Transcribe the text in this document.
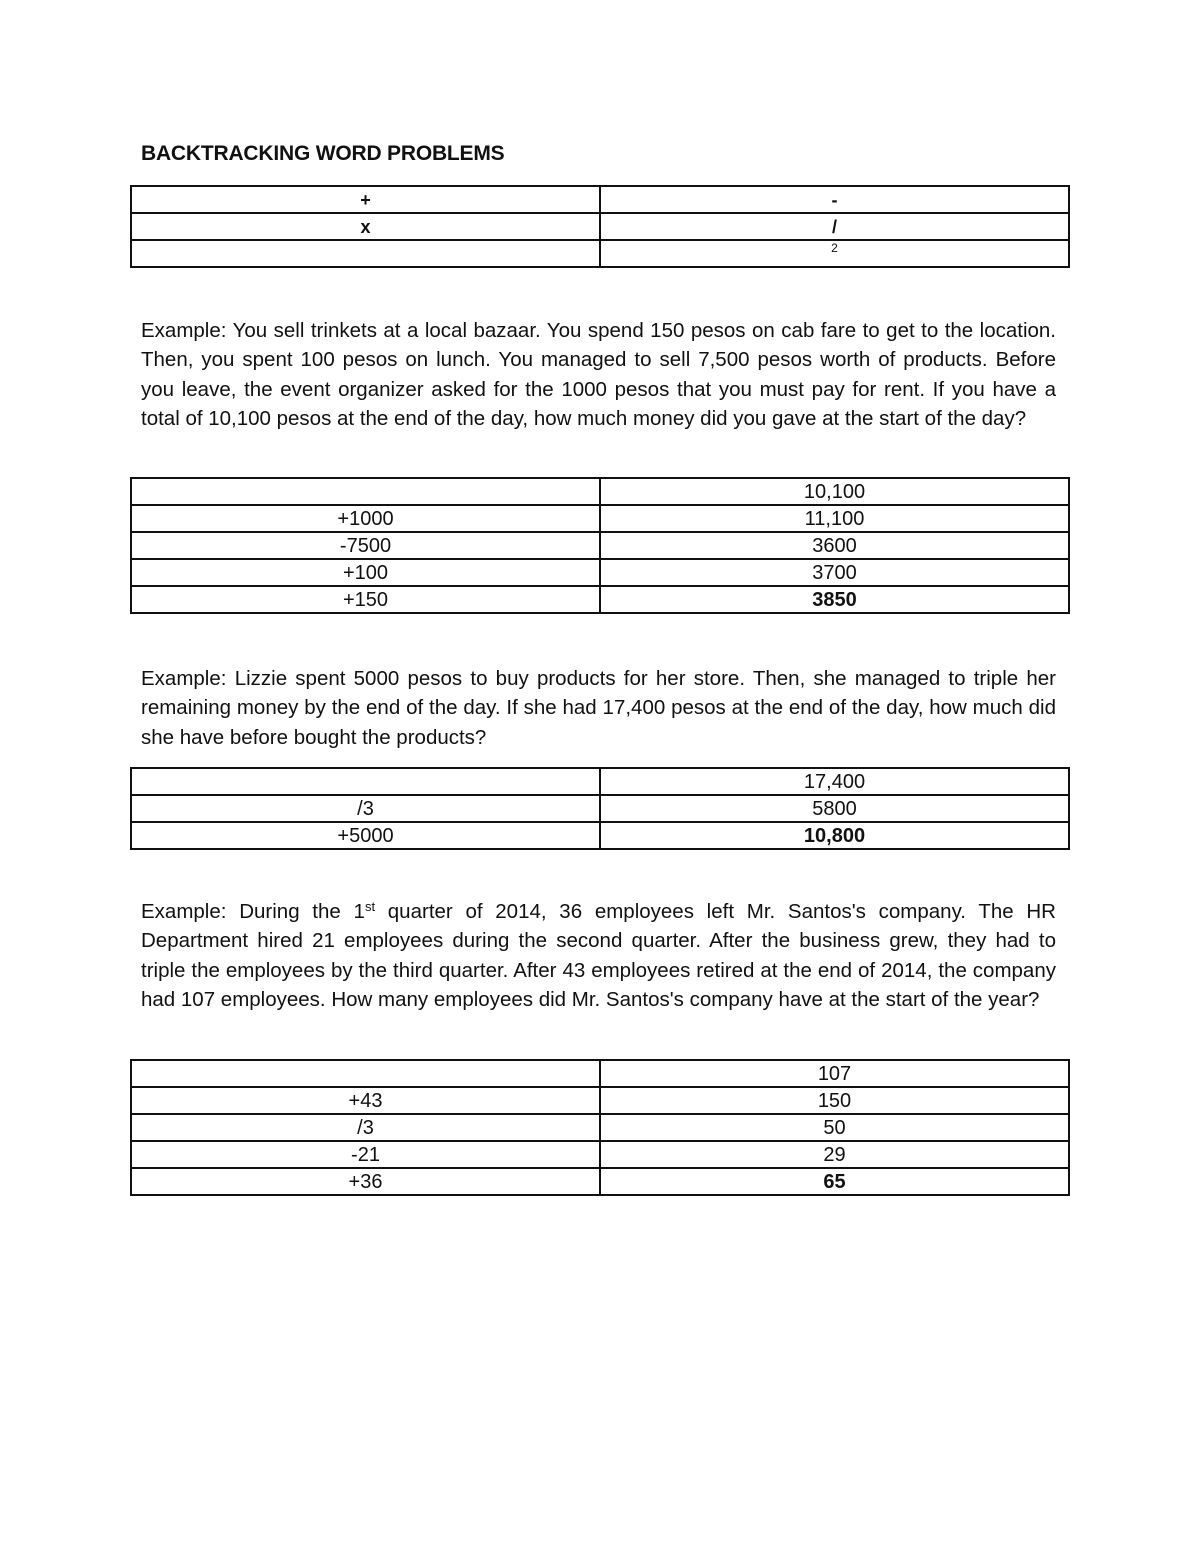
BACKTRACKING WORD PROBLEMS
+	-
x	/
	2

Example: You sell trinkets at a local bazaar. You spend 150 pesos on cab fare to get to the location. Then, you spent 100 pesos on lunch. You managed to sell 7,500 pesos worth of products. Before you leave, the event organizer asked for the 1000 pesos that you must pay for rent. If you have a total of 10,100 pesos at the end of the day, how much money did you gave at the start of the day?

	10,100
+1000	11,100
-7500	3600
+100	3700
+150	3850

Example: Lizzie spent 5000 pesos to buy products for her store. Then, she managed to triple her remaining money by the end of the day. If she had 17,400 pesos at the end of the day, how much did she have before bought the products?

	17,400
/3	5800
+5000	10,800

Example: During the 1st quarter of 2014, 36 employees left Mr. Santos's company. The HR Department hired 21 employees during the second quarter. After the business grew, they had to triple the employees by the third quarter. After 43 employees retired at the end of 2014, the company had 107 employees. How many employees did Mr. Santos's company have at the start of the year?

	107
+43	150
/3	50
-21	29
+36	65
